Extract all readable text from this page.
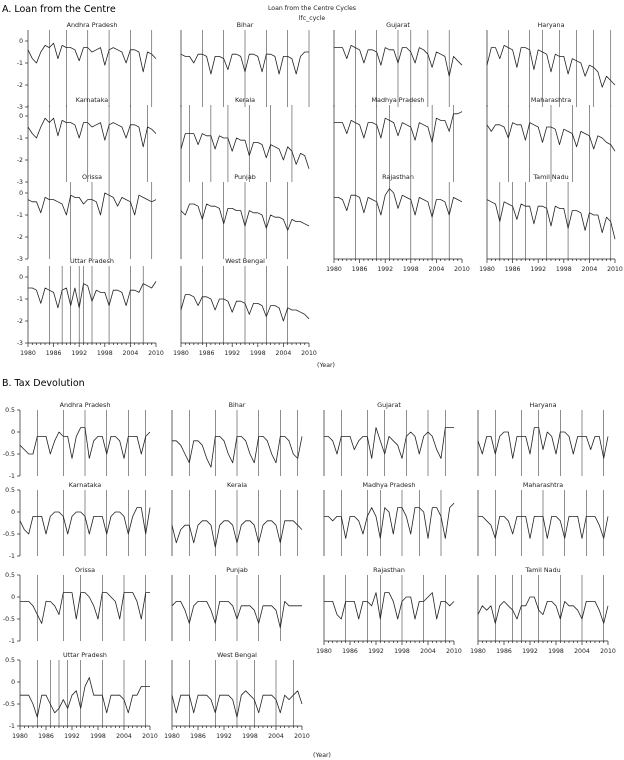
A. Loan from the Centre	Loan from the Centre Cycles
lfc_cycle
(Year)
B. Tax Devolution
(Year)
Andhra Pradesh
0
-1
-2
-3
Bihar	Gujarat	Haryana
Karnataka
0
-1
-2
-3
Kerala	Madhya Pradesh	Maharashtra
Orissa
0
-1
-2
-3
Punjab	Rajasthan
1980 1986 1992 1998 2004 2010
Tamil Nadu
1980 1986 1992 1998 2004 2010
Uttar Pradesh
0
-1
-2
-3
1980 1986 1992 1998 2004 2010
West Bengal
1980 1986 1992 1998 2004 2010
Andhra Pradesh
0.5
0
-0.5
-1
Bihar	Gujarat	Haryana
Karnataka
0.5
0
-0.5
-1
Kerala	Madhya Pradesh	Maharashtra
Orissa
0.5
0
-0.5
-1
Punjab	Rajasthan
1980 1986 1992 1998 2004 2010
Tamil Nadu
1980 1986 1992 1998 2004 2010
Uttar Pradesh
0.5
0
-0.5
-1
1980 1986 1992 1998 2004 2010
West Bengal
1980 1986 1992 1998 2004 2010
